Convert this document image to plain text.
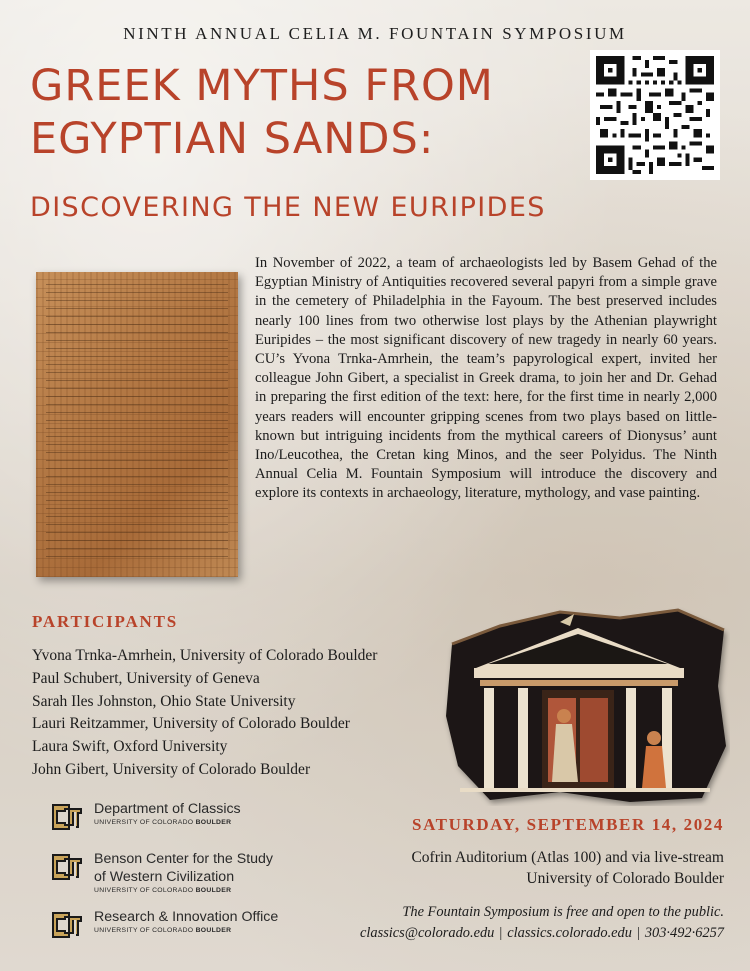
NINTH ANNUAL CELIA M. FOUNTAIN SYMPOSIUM
GREEK MYTHS FROM
EGYPTIAN SANDS:
DISCOVERING THE NEW EURIPIDES

In November of 2022, a team of archaeologists led by Basem Gehad of the Egyptian Ministry of Antiquities recovered several papyri from a simple grave in the cemetery of Philadelphia in the Fayoum. The best preserved includes nearly 100 lines from two otherwise lost plays by the Athenian playwright Euripides – the most significant discovery of new tragedy in nearly 60 years. CU’s Yvona Trnka-Amrhein, the team’s papyrological expert, invited her colleague John Gibert, a specialist in Greek drama, to join her and Dr. Gehad in preparing the first edition of the text: here, for the first time in nearly 2,000 years readers will encounter gripping scenes from two plays based on little-known but intriguing incidents from the mythical careers of Dionysus’ aunt Ino/Leucothea, the Cretan king Minos, and the seer Polyidus. The Ninth Annual Celia M. Fountain Symposium will introduce the discovery and explore its contexts in archaeology, literature, mythology, and vase painting.

PARTICIPANTS
Yvona Trnka-Amrhein, University of Colorado Boulder
Paul Schubert, University of Geneva
Sarah Iles Johnston, Ohio State University
Lauri Reitzammer, University of Colorado Boulder
Laura Swift, Oxford University
John Gibert, University of Colorado Boulder
Department of Classics
UNIVERSITY OF COLORADO BOULDER
Benson Center for the Study
of Western Civilization
UNIVERSITY OF COLORADO BOULDER
Research & Innovation Office
UNIVERSITY OF COLORADO BOULDER
SATURDAY, SEPTEMBER 14, 2024
Cofrin Auditorium (Atlas 100) and via live-stream
University of Colorado Boulder
The Fountain Symposium is free and open to the public.
classics@colorado.edu | classics.colorado.edu | 303·492·6257
